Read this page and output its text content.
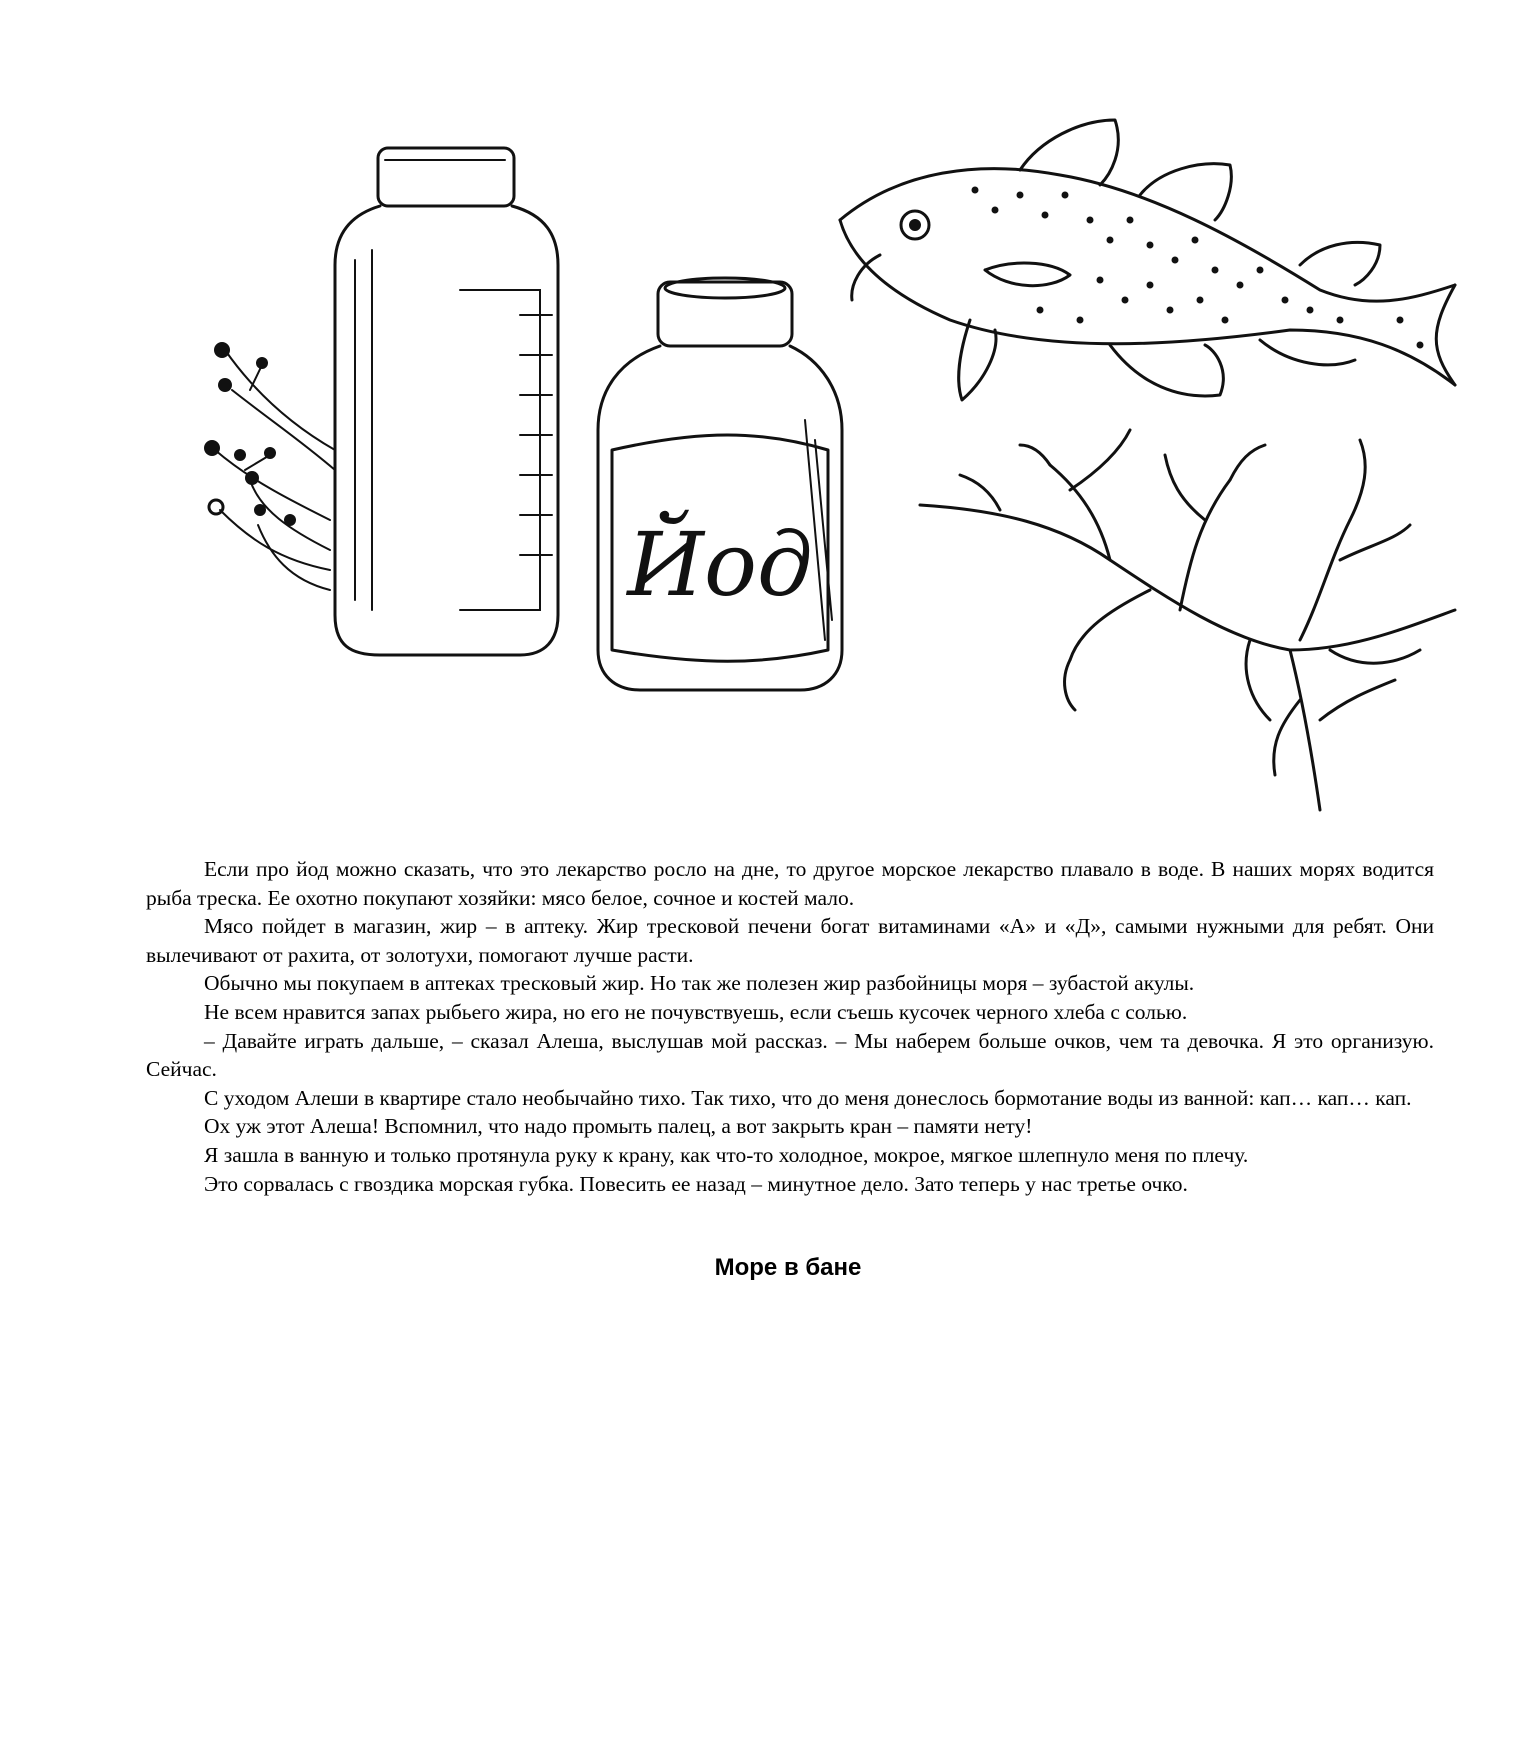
Йод

Если про йод можно сказать, что это лекарство росло на дне, то другое морское лекарство плавало в воде. В наших морях водится рыба треска. Ее охотно покупают хозяйки: мясо белое, сочное и костей мало.

Мясо пойдет в магазин, жир – в аптеку. Жир тресковой печени богат витаминами «А» и «Д», самыми нужными для ребят. Они вылечивают от рахита, от золотухи, помогают лучше расти.

Обычно мы покупаем в аптеках тресковый жир. Но так же полезен жир разбойницы моря – зубастой акулы.

Не всем нравится запах рыбьего жира, но его не почувствуешь, если съешь кусочек черного хлеба с солью.

– Давайте играть дальше, – сказал Алеша, выслушав мой рассказ. – Мы наберем больше очков, чем та девочка. Я это организую. Сейчас.

С уходом Алеши в квартире стало необычайно тихо. Так тихо, что до меня донеслось бормотание воды из ванной: кап… кап… кап.

Ох уж этот Алеша! Вспомнил, что надо промыть палец, а вот закрыть кран – памяти нету!

Я зашла в ванную и только протянула руку к крану, как что-то холодное, мокрое, мягкое шлепнуло меня по плечу.

Это сорвалась с гвоздика морская губка. Повесить ее назад – минутное дело. Зато теперь у нас третье очко.

Море в бане
